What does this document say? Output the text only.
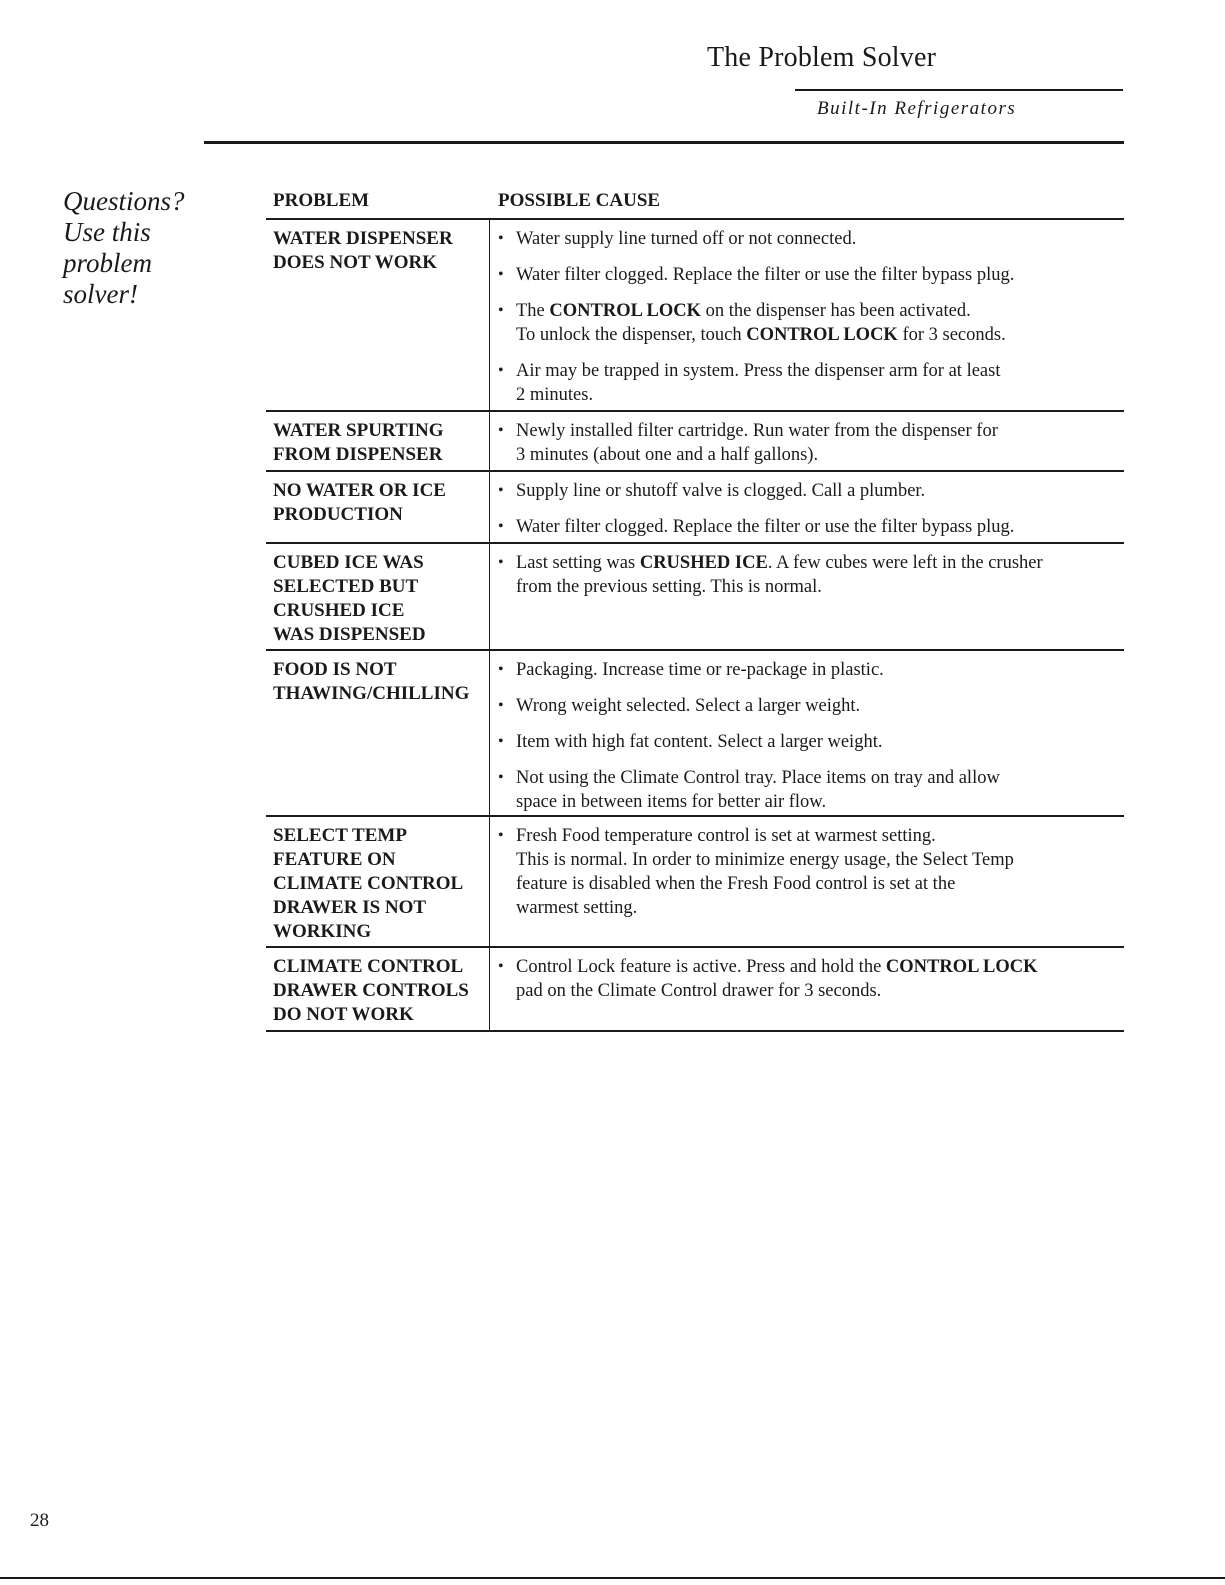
The Problem Solver
Built-In Refrigerators
Questions?
Use this
problem
solver!
PROBLEM	POSSIBLE CAUSE
WATER DISPENSER
DOES NOT WORK
• Water supply line turned off or not connected.
• Water filter clogged. Replace the filter or use the filter bypass plug.
• The CONTROL LOCK on the dispenser has been activated.
To unlock the dispenser, touch CONTROL LOCK for 3 seconds.
• Air may be trapped in system. Press the dispenser arm for at least
2 minutes.
WATER SPURTING
FROM DISPENSER
• Newly installed filter cartridge. Run water from the dispenser for
3 minutes (about one and a half gallons).
NO WATER OR ICE
PRODUCTION
• Supply line or shutoff valve is clogged. Call a plumber.
• Water filter clogged. Replace the filter or use the filter bypass plug.
CUBED ICE WAS
SELECTED BUT
CRUSHED ICE
WAS DISPENSED
• Last setting was CRUSHED ICE. A few cubes were left in the crusher
from the previous setting. This is normal.
FOOD IS NOT
THAWING/CHILLING
• Packaging. Increase time or re-package in plastic.
• Wrong weight selected. Select a larger weight.
• Item with high fat content. Select a larger weight.
• Not using the Climate Control tray. Place items on tray and allow
space in between items for better air flow.
SELECT TEMP
FEATURE ON
CLIMATE CONTROL
DRAWER IS NOT
WORKING
• Fresh Food temperature control is set at warmest setting.
This is normal. In order to minimize energy usage, the Select Temp
feature is disabled when the Fresh Food control is set at the
warmest setting.
CLIMATE CONTROL
DRAWER CONTROLS
DO NOT WORK
• Control Lock feature is active. Press and hold the CONTROL LOCK
pad on the Climate Control drawer for 3 seconds.
28
